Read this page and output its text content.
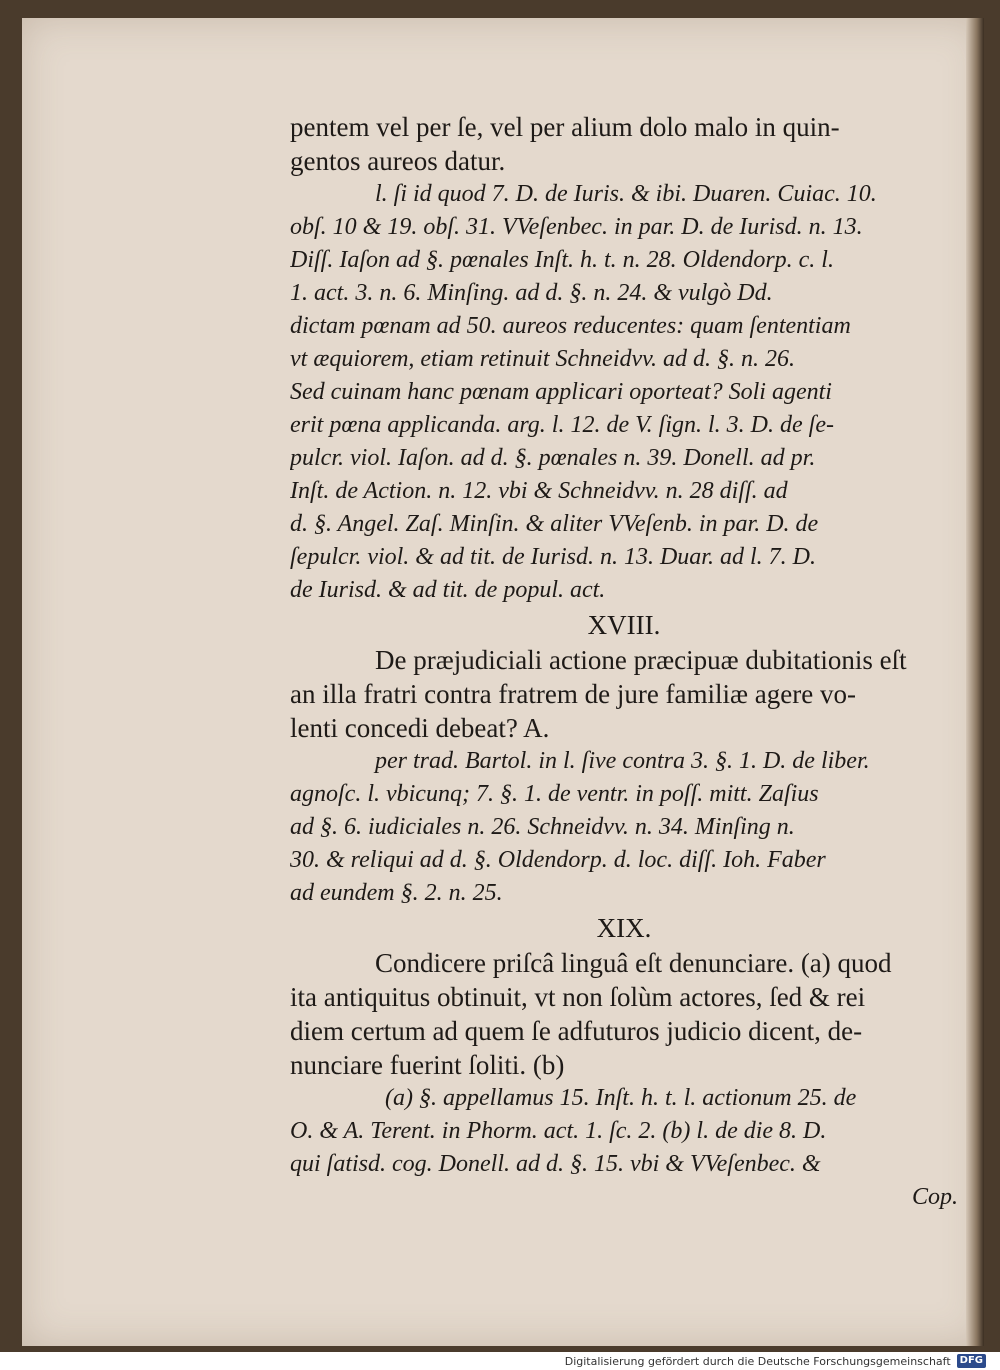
pentem vel per ſe, vel per alium dolo malo in quin-
gentos aureos datur.
l. ſi id quod 7. D. de Iuris. & ibi. Duaren. Cuiac. 10.
obſ. 10 & 19. obſ. 31. VVeſenbec. in par. D. de Iurisd. n. 13.
Diſſ. Iaſon ad §. pœnales Inſt. h. t. n. 28. Oldendorp. c. l.
1. act. 3. n. 6. Minſing. ad d. §. n. 24. & vulgò Dd.
dictam pœnam ad 50. aureos reducentes: quam ſententiam
vt æquiorem, etiam retinuit Schneidvv. ad d. §. n. 26.
Sed cuinam hanc pœnam applicari oporteat? Soli agenti
erit pœna applicanda. arg. l. 12. de V. ſign. l. 3. D. de ſe-
pulcr. viol. Iaſon. ad d. §. pœnales n. 39. Donell. ad pr.
Inſt. de Action. n. 12. vbi & Schneidvv. n. 28 diſſ. ad
d. §. Angel. Zaſ. Minſin. & aliter VVeſenb. in par. D. de
ſepulcr. viol. & ad tit. de Iurisd. n. 13. Duar. ad l. 7. D.
de Iurisd. & ad tit. de popul. act.
XVIII.
De præjudiciali actione præcipuæ dubitationis eſt
an illa fratri contra fratrem de jure familiæ agere vo-
lenti concedi debeat? A.
per trad. Bartol. in l. ſive contra 3. §. 1. D. de liber.
agnoſc. l. vbicunq; 7. §. 1. de ventr. in poſſ. mitt. Zaſius
ad §. 6. iudiciales n. 26. Schneidvv. n. 34. Minſing n.
30. & reliqui ad d. §. Oldendorp. d. loc. diſſ. Ioh. Faber
ad eundem §. 2. n. 25.
XIX.
Condicere priſcâ linguâ eſt denunciare. (a) quod
ita antiquitus obtinuit, vt non ſolùm actores, ſed & rei
diem certum ad quem ſe adfuturos judicio dicent, de-
nunciare fuerint ſoliti. (b)
(a) §. appellamus 15. Inſt. h. t. l. actionum 25. de
O. & A. Terent. in Phorm. act. 1. ſc. 2. (b) l. de die 8. D.
qui ſatisd. cog. Donell. ad d. §. 15. vbi & VVeſenbec. &
Cop.
Digitalisierung gefördert durch die Deutsche Forschungsgemeinschaft DFG
